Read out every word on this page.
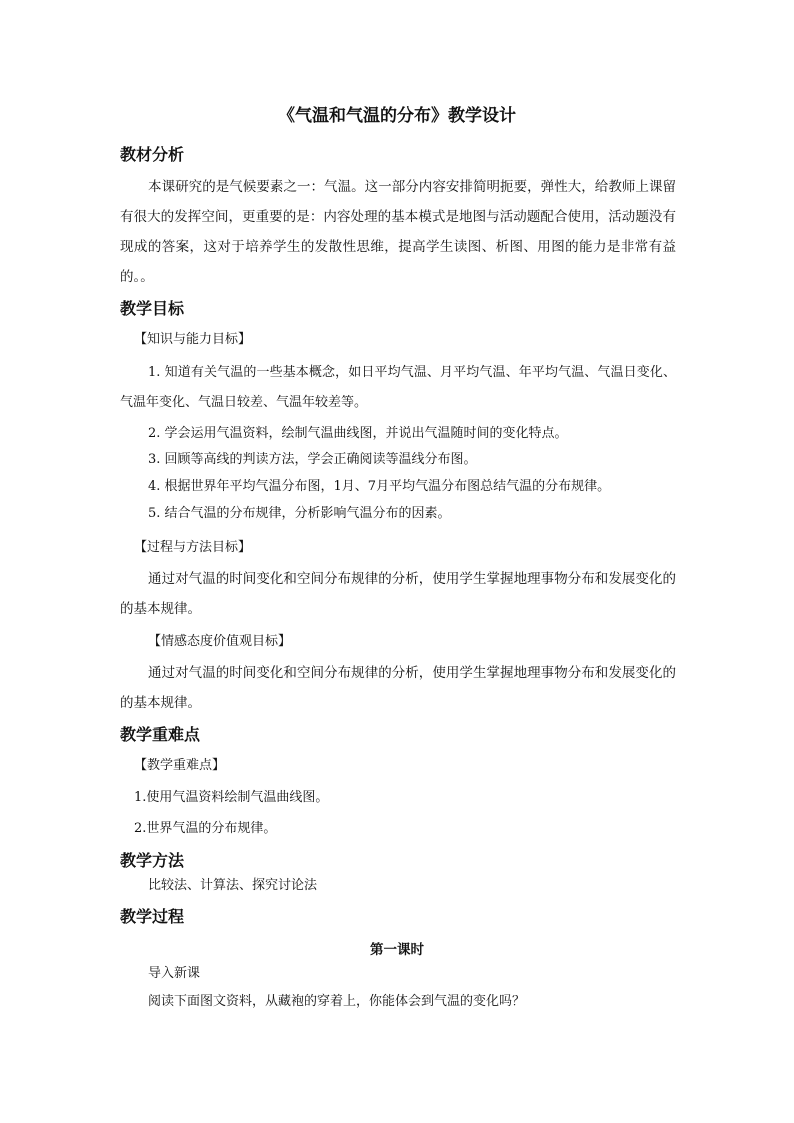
《气温和气温的分布》教学设计
教材分析
本课研究的是气候要素之一：气温。这一部分内容安排简明扼要，弹性大，给教师上课留有很大的发挥空间，更重要的是：内容处理的基本模式是地图与活动题配合使用，活动题没有现成的答案，这对于培养学生的发散性思维，提高学生读图、析图、用图的能力是非常有益的。。
教学目标
【知识与能力目标】
1. 知道有关气温的一些基本概念，如日平均气温、月平均气温、年平均气温、气温日变化、气温年变化、气温日较差、气温年较差等。
2. 学会运用气温资料，绘制气温曲线图，并说出气温随时间的变化特点。
3. 回顾等高线的判读方法，学会正确阅读等温线分布图。
4. 根据世界年平均气温分布图，1月、7月平均气温分布图总结气温的分布规律。
5. 结合气温的分布规律，分析影响气温分布的因素。
【过程与方法目标】
通过对气温的时间变化和空间分布规律的分析，使用学生掌握地理事物分布和发展变化的的基本规律。
【情感态度价值观目标】
通过对气温的时间变化和空间分布规律的分析，使用学生掌握地理事物分布和发展变化的的基本规律。
教学重难点
【教学重难点】
1.使用气温资料绘制气温曲线图。
2.世界气温的分布规律。
教学方法
比较法、计算法、探究讨论法
教学过程
第一课时
导入新课
阅读下面图文资料，从藏袍的穿着上，你能体会到气温的变化吗？
